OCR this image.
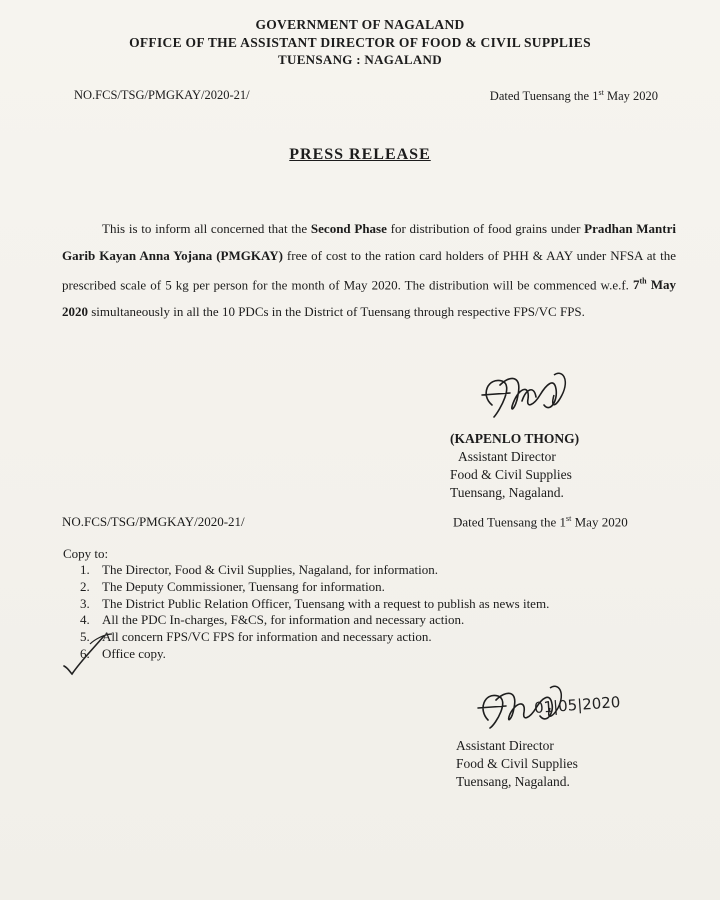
GOVERNMENT OF NAGALAND
OFFICE OF THE ASSISTANT DIRECTOR OF FOOD & CIVIL SUPPLIES
TUENSANG : NAGALAND
NO.FCS/TSG/PMGKAY/2020-21/	Dated Tuensang the 1st May 2020
PRESS RELEASE
This is to inform all concerned that the Second Phase for distribution of food grains under Pradhan Mantri Garib Kayan Anna Yojana (PMGKAY) free of cost to the ration card holders of PHH & AAY under NFSA at the prescribed scale of 5 kg per person for the month of May 2020. The distribution will be commenced w.e.f. 7th May 2020 simultaneously in all the 10 PDCs in the District of Tuensang through respective FPS/VC FPS.
(KAPENLO THONG)
Assistant Director
Food & Civil Supplies
Tuensang, Nagaland.
NO.FCS/TSG/PMGKAY/2020-21/	Dated Tuensang the 1st May 2020
Copy to:
1. The Director, Food & Civil Supplies, Nagaland, for information.
2. The Deputy Commissioner, Tuensang for information.
3. The District Public Relation Officer, Tuensang with a request to publish as news item.
4. All the PDC In-charges, F&CS, for information and necessary action.
5. All concern FPS/VC FPS for information and necessary action.
6. Office copy.
01|05|2020
Assistant Director
Food & Civil Supplies
Tuensang, Nagaland.
